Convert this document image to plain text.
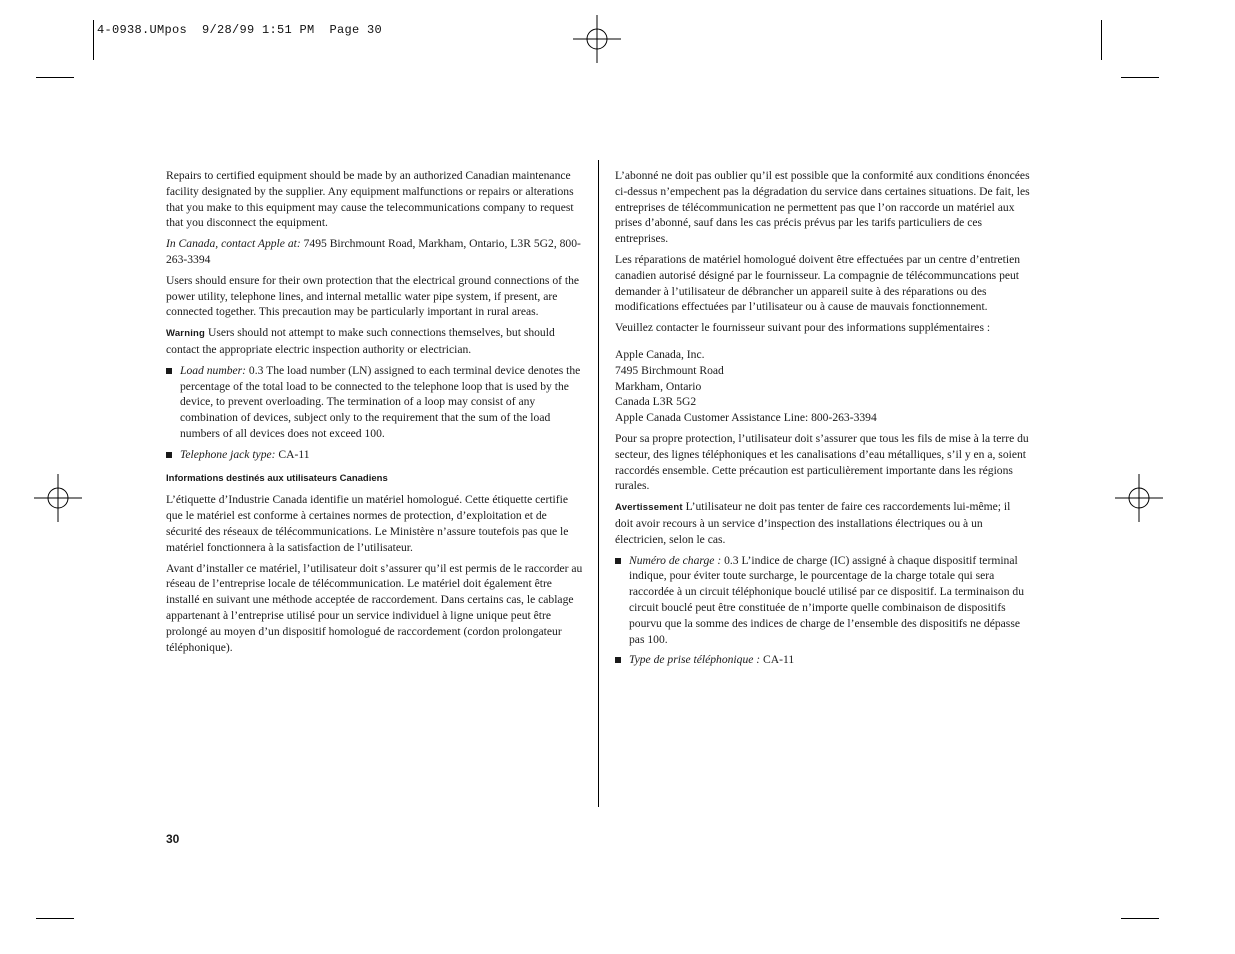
4-0938.UMpos  9/28/99 1:51 PM  Page 30

Repairs to certified equipment should be made by an authorized Canadian maintenance facility designated by the supplier. Any equipment malfunctions or repairs or alterations that you make to this equipment may cause the telecommunications company to request that you disconnect the equipment.

In Canada, contact Apple at: 7495 Birchmount Road, Markham, Ontario, L3R 5G2, 800-263-3394

Users should ensure for their own protection that the electrical ground connections of the power utility, telephone lines, and internal metallic water pipe system, if present, are connected together. This precaution may be particularly important in rural areas.

Warning Users should not attempt to make such connections themselves, but should contact the appropriate electric inspection authority or electrician.

Load number: 0.3 The load number (LN) assigned to each terminal device denotes the percentage of the total load to be connected to the telephone loop that is used by the device, to prevent overloading. The termination of a loop may consist of any combination of devices, subject only to the requirement that the sum of the load numbers of all devices does not exceed 100.
Telephone jack type: CA-11
Informations destinés aux utilisateurs Canadiens

L’étiquette d’Industrie Canada identifie un matériel homologué. Cette étiquette certifie que le matériel est conforme à certaines normes de protection, d’exploitation et de sécurité des réseaux de télécommunications. Le Ministère n’assure toutefois pas que le matériel fonctionnera à la satisfaction de l’utilisateur.

Avant d’installer ce matériel, l’utilisateur doit s’assurer qu’il est permis de le raccorder au réseau de l’entreprise locale de télécommunication. Le matériel doit également être installé en suivant une méthode acceptée de raccordement. Dans certains cas, le cablage appartenant à l’entreprise utilisé pour un service individuel à ligne unique peut être prolongé au moyen d’un dispositif homologué de raccordement (cordon prolongateur téléphonique).

L’abonné ne doit pas oublier qu’il est possible que la conformité aux conditions énoncées ci-dessus n’empechent pas la dégradation du service dans certaines situations. De fait, les entreprises de télécommunication ne permettent pas que l’on raccorde un matériel aux prises d’abonné, sauf dans les cas précis prévus par les tarifs particuliers de ces entreprises.

Les réparations de matériel homologué doivent être effectuées par un centre d’entretien canadien autorisé désigné par le fournisseur. La compagnie de télécommuncations peut demander à l’utilisateur de débrancher un appareil suite à des réparations ou des modifications effectuées par l’utilisateur ou à cause de mauvais fonctionnement.

Veuillez contacter le fournisseur suivant pour des informations supplémentaires :

Apple Canada, Inc.

7495 Birchmount Road

Markham, Ontario

Canada L3R 5G2

Apple Canada Customer Assistance Line: 800-263-3394

Pour sa propre protection, l’utilisateur doit s’assurer que tous les fils de mise à la terre du secteur, des lignes téléphoniques et les canalisations d’eau métalliques, s’il y en a, soient raccordés ensemble. Cette précaution est particulièrement importante dans les régions rurales.

Avertissement L’utilisateur ne doit pas tenter de faire ces raccordements lui-même; il doit avoir recours à un service d’inspection des installations électriques ou à un électricien, selon le cas.

Numéro de charge : 0.3 L’indice de charge (IC) assigné à chaque dispositif terminal indique, pour éviter toute surcharge, le pourcentage de la charge totale qui sera raccordée à un circuit téléphonique bouclé utilisé par ce dispositif. La terminaison du circuit bouclé peut être constituée de n’importe quelle combinaison de dispositifs pourvu que la somme des indices de charge de l’ensemble des dispositifs ne dépasse pas 100.
Type de prise téléphonique : CA-11
30
